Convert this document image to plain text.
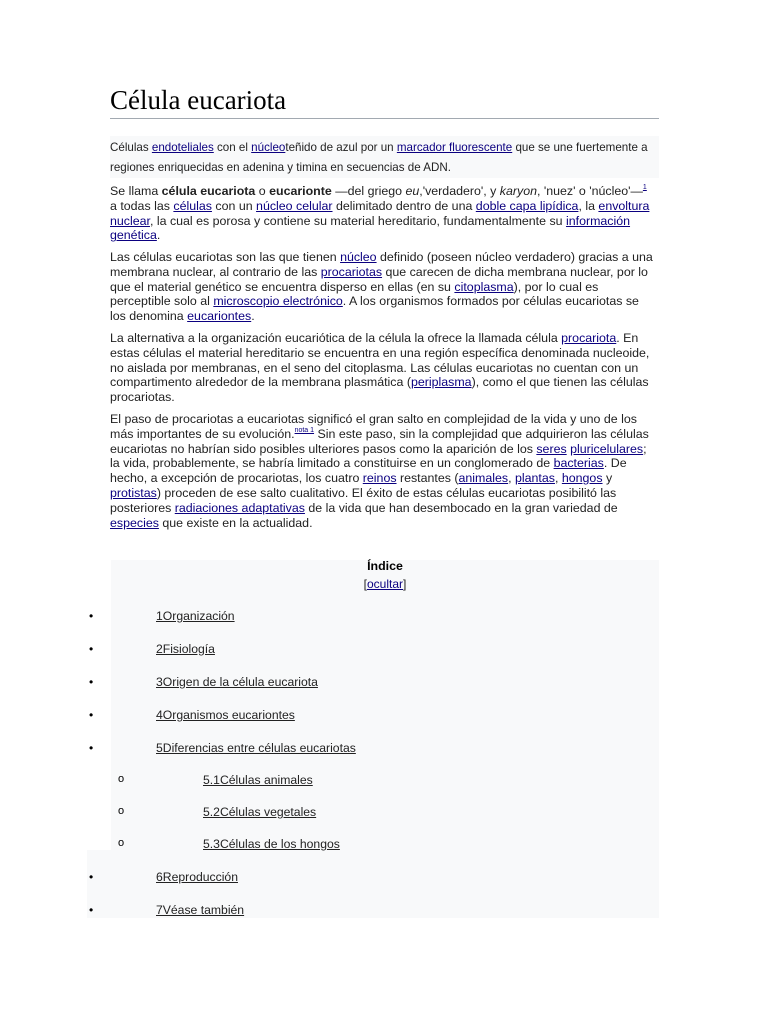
Célula eucariota
Células endoteliales con el núcleoteñido de azul por un marcador fluorescente que se une fuertemente a regiones enriquecidas en adenina y timina en secuencias de ADN.

Se llama célula eucariota o eucarionte —del griego eu,'verdadero', y karyon, 'nuez' o 'núcleo'—$^1$ a todas las células con un núcleo celular delimitado dentro de una doble capa lipídica, la envoltura nuclear, la cual es porosa y contiene su material hereditario, fundamentalmente su información genética.

Las células eucariotas son las que tienen núcleo definido (poseen núcleo verdadero) gracias a una membrana nuclear, al contrario de las procariotas que carecen de dicha membrana nuclear, por lo que el material genético se encuentra disperso en ellas (en su citoplasma), por lo cual es perceptible solo al microscopio electrónico. A los organismos formados por células eucariotas se los denomina eucariontes.

La alternativa a la organización eucariótica de la célula la ofrece la llamada célula procariota. En estas células el material hereditario se encuentra en una región específica denominada nucleoide, no aislada por membranas, en el seno del citoplasma. Las células eucariotas no cuentan con un compartimento alrededor de la membrana plasmática (periplasma), como el que tienen las células procariotas.

El paso de procariotas a eucariotas significó el gran salto en complejidad de la vida y uno de los más importantes de su evolución.$^{nota 1}$ Sin este paso, sin la complejidad que adquirieron las células eucariotas no habrían sido posibles ulteriores pasos como la aparición de los seres pluricelulares; la vida, probablemente, se habría limitado a constituirse en un conglomerado de bacterias. De hecho, a excepción de procariotas, los cuatro reinos restantes (animales, plantas, hongos y protistas) proceden de ese salto cualitativo. El éxito de estas células eucariotas posibilitó las posteriores radiaciones adaptativas de la vida que han desembocado en la gran variedad de especies que existe en la actualidad.

Índice
[ocultar]
•	1Organización
•	2Fisiología
•	3Origen de la célula eucariota
•	4Organismos eucariontes
•	5Diferencias entre células eucariotas
o	5.1Células animales
o	5.2Células vegetales
o	5.3Células de los hongos
•	6Reproducción
•	7Véase también
